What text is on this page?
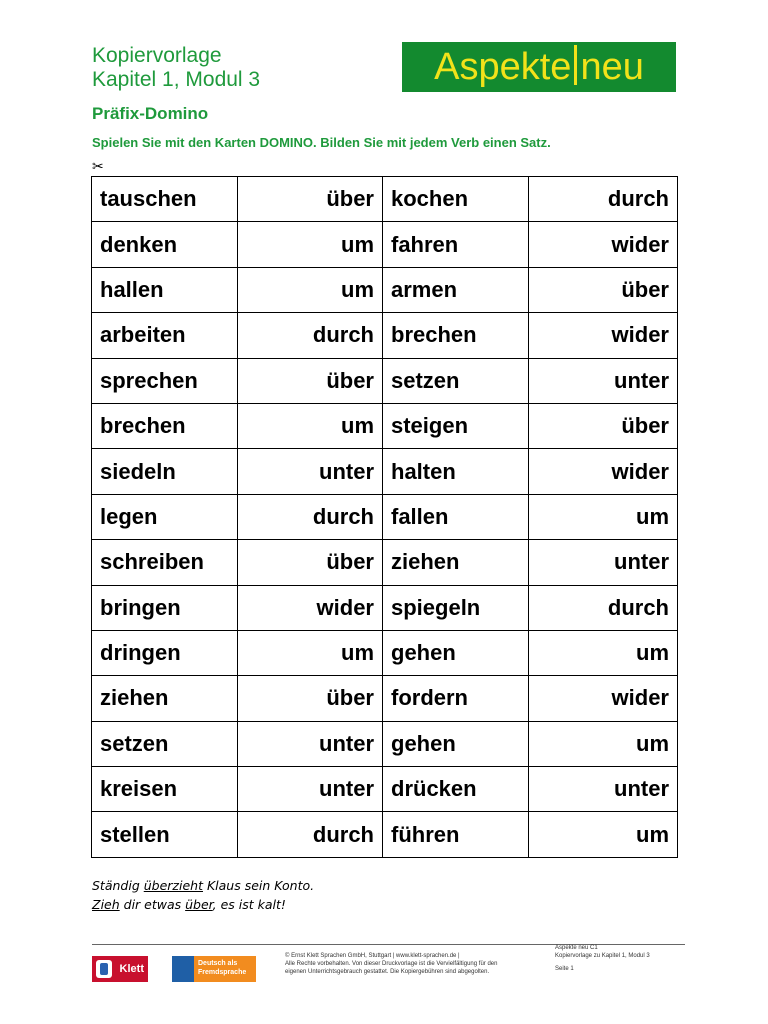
Kopiervorlage
Kapitel 1, Modul 3	Aspekte neu
Präfix-Domino
Spielen Sie mit den Karten DOMINO. Bilden Sie mit jedem Verb einen Satz.
✂
tauschen	über	kochen	durch
denken	um	fahren	wider
hallen	um	armen	über
arbeiten	durch	brechen	wider
sprechen	über	setzen	unter
brechen	um	steigen	über
siedeln	unter	halten	wider
legen	durch	fallen	um
schreiben	über	ziehen	unter
bringen	wider	spiegeln	durch
dringen	um	gehen	um
ziehen	über	fordern	wider
setzen	unter	gehen	um
kreisen	unter	drücken	unter
stellen	durch	führen	um
Ständig überzieht Klaus sein Konto.
Zieh dir etwas über, es ist kalt!
Klett	Deutsch als
Fremdsprache
© Ernst Klett Sprachen GmbH, Stuttgart | www.klett-sprachen.de |
Alle Rechte vorbehalten. Von dieser Druckvorlage ist die Vervielfältigung für den
eigenen Unterrichtsgebrauch gestattet. Die Kopiergebühren sind abgegolten.
Aspekte neu C1
Kopiervorlage zu Kapitel 1, Modul 3
Seite 1
